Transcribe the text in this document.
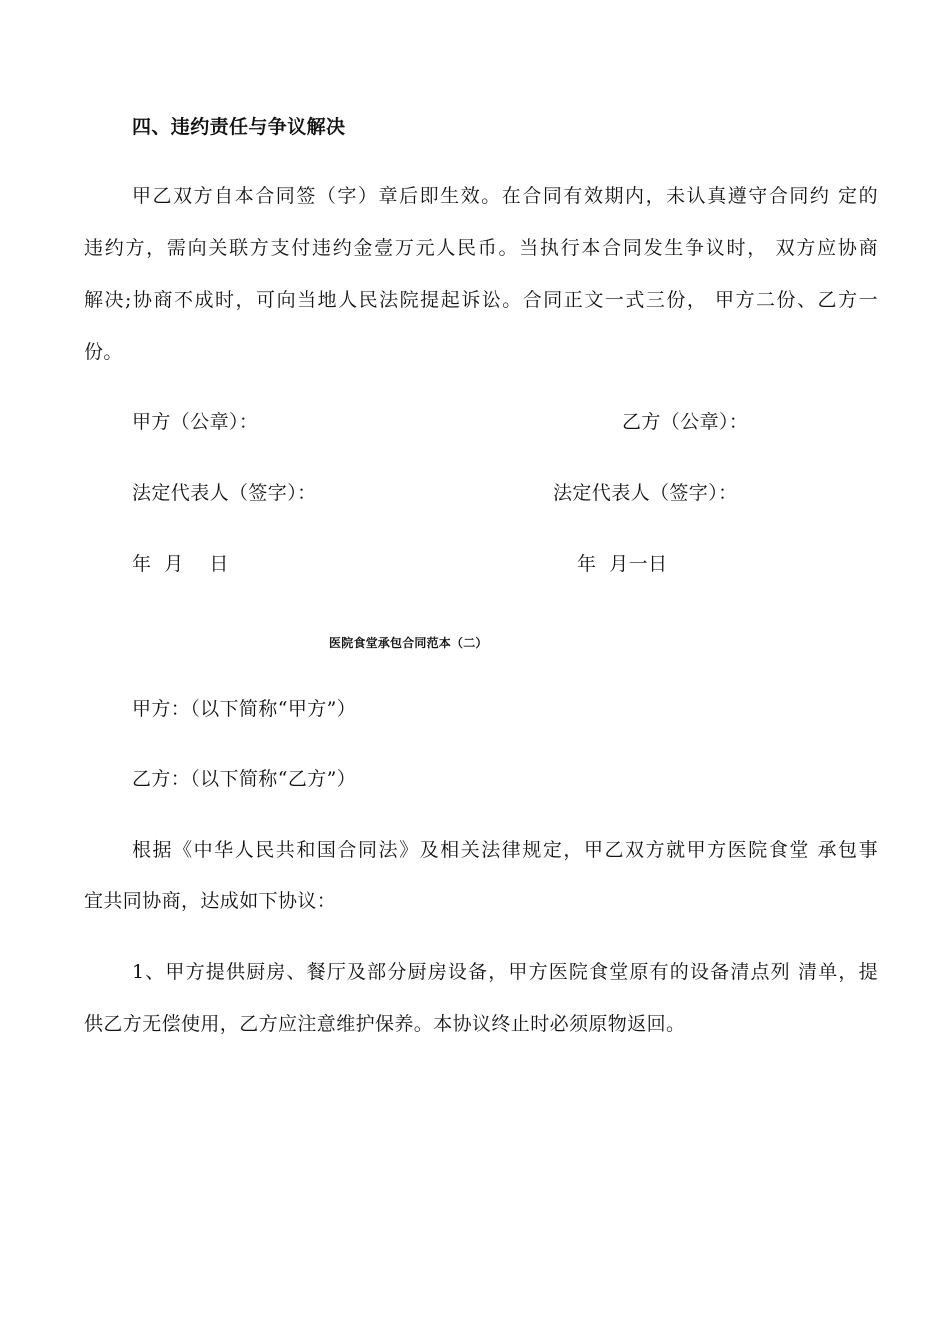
四、违约责任与争议解决
甲乙双方自本合同签（字）章后即生效。在合同有效期内，未认真遵守合同约 定的
违约方，需向关联方支付违约金壹万元人民币。当执行本合同发生争议时， 双方应协商
解决;协商不成时，可向当地人民法院提起诉讼。合同正文一式三份， 甲方二份、乙方一
份。
甲方（公章）：	乙方（公章）：
法定代表人（签字）：	法定代表人（签字）：
年  月    日	年  月一日
医院食堂承包合同范本（二）
甲方：（以下简称“甲方”）
乙方：（以下简称“乙方”）
根据《中华人民共和国合同法》及相关法律规定，甲乙双方就甲方医院食堂 承包事
宜共同协商，达成如下协议：
1、甲方提供厨房、餐厅及部分厨房设备，甲方医院食堂原有的设备清点列 清单，提
供乙方无偿使用，乙方应注意维护保养。本协议终止时必须原物返回。
